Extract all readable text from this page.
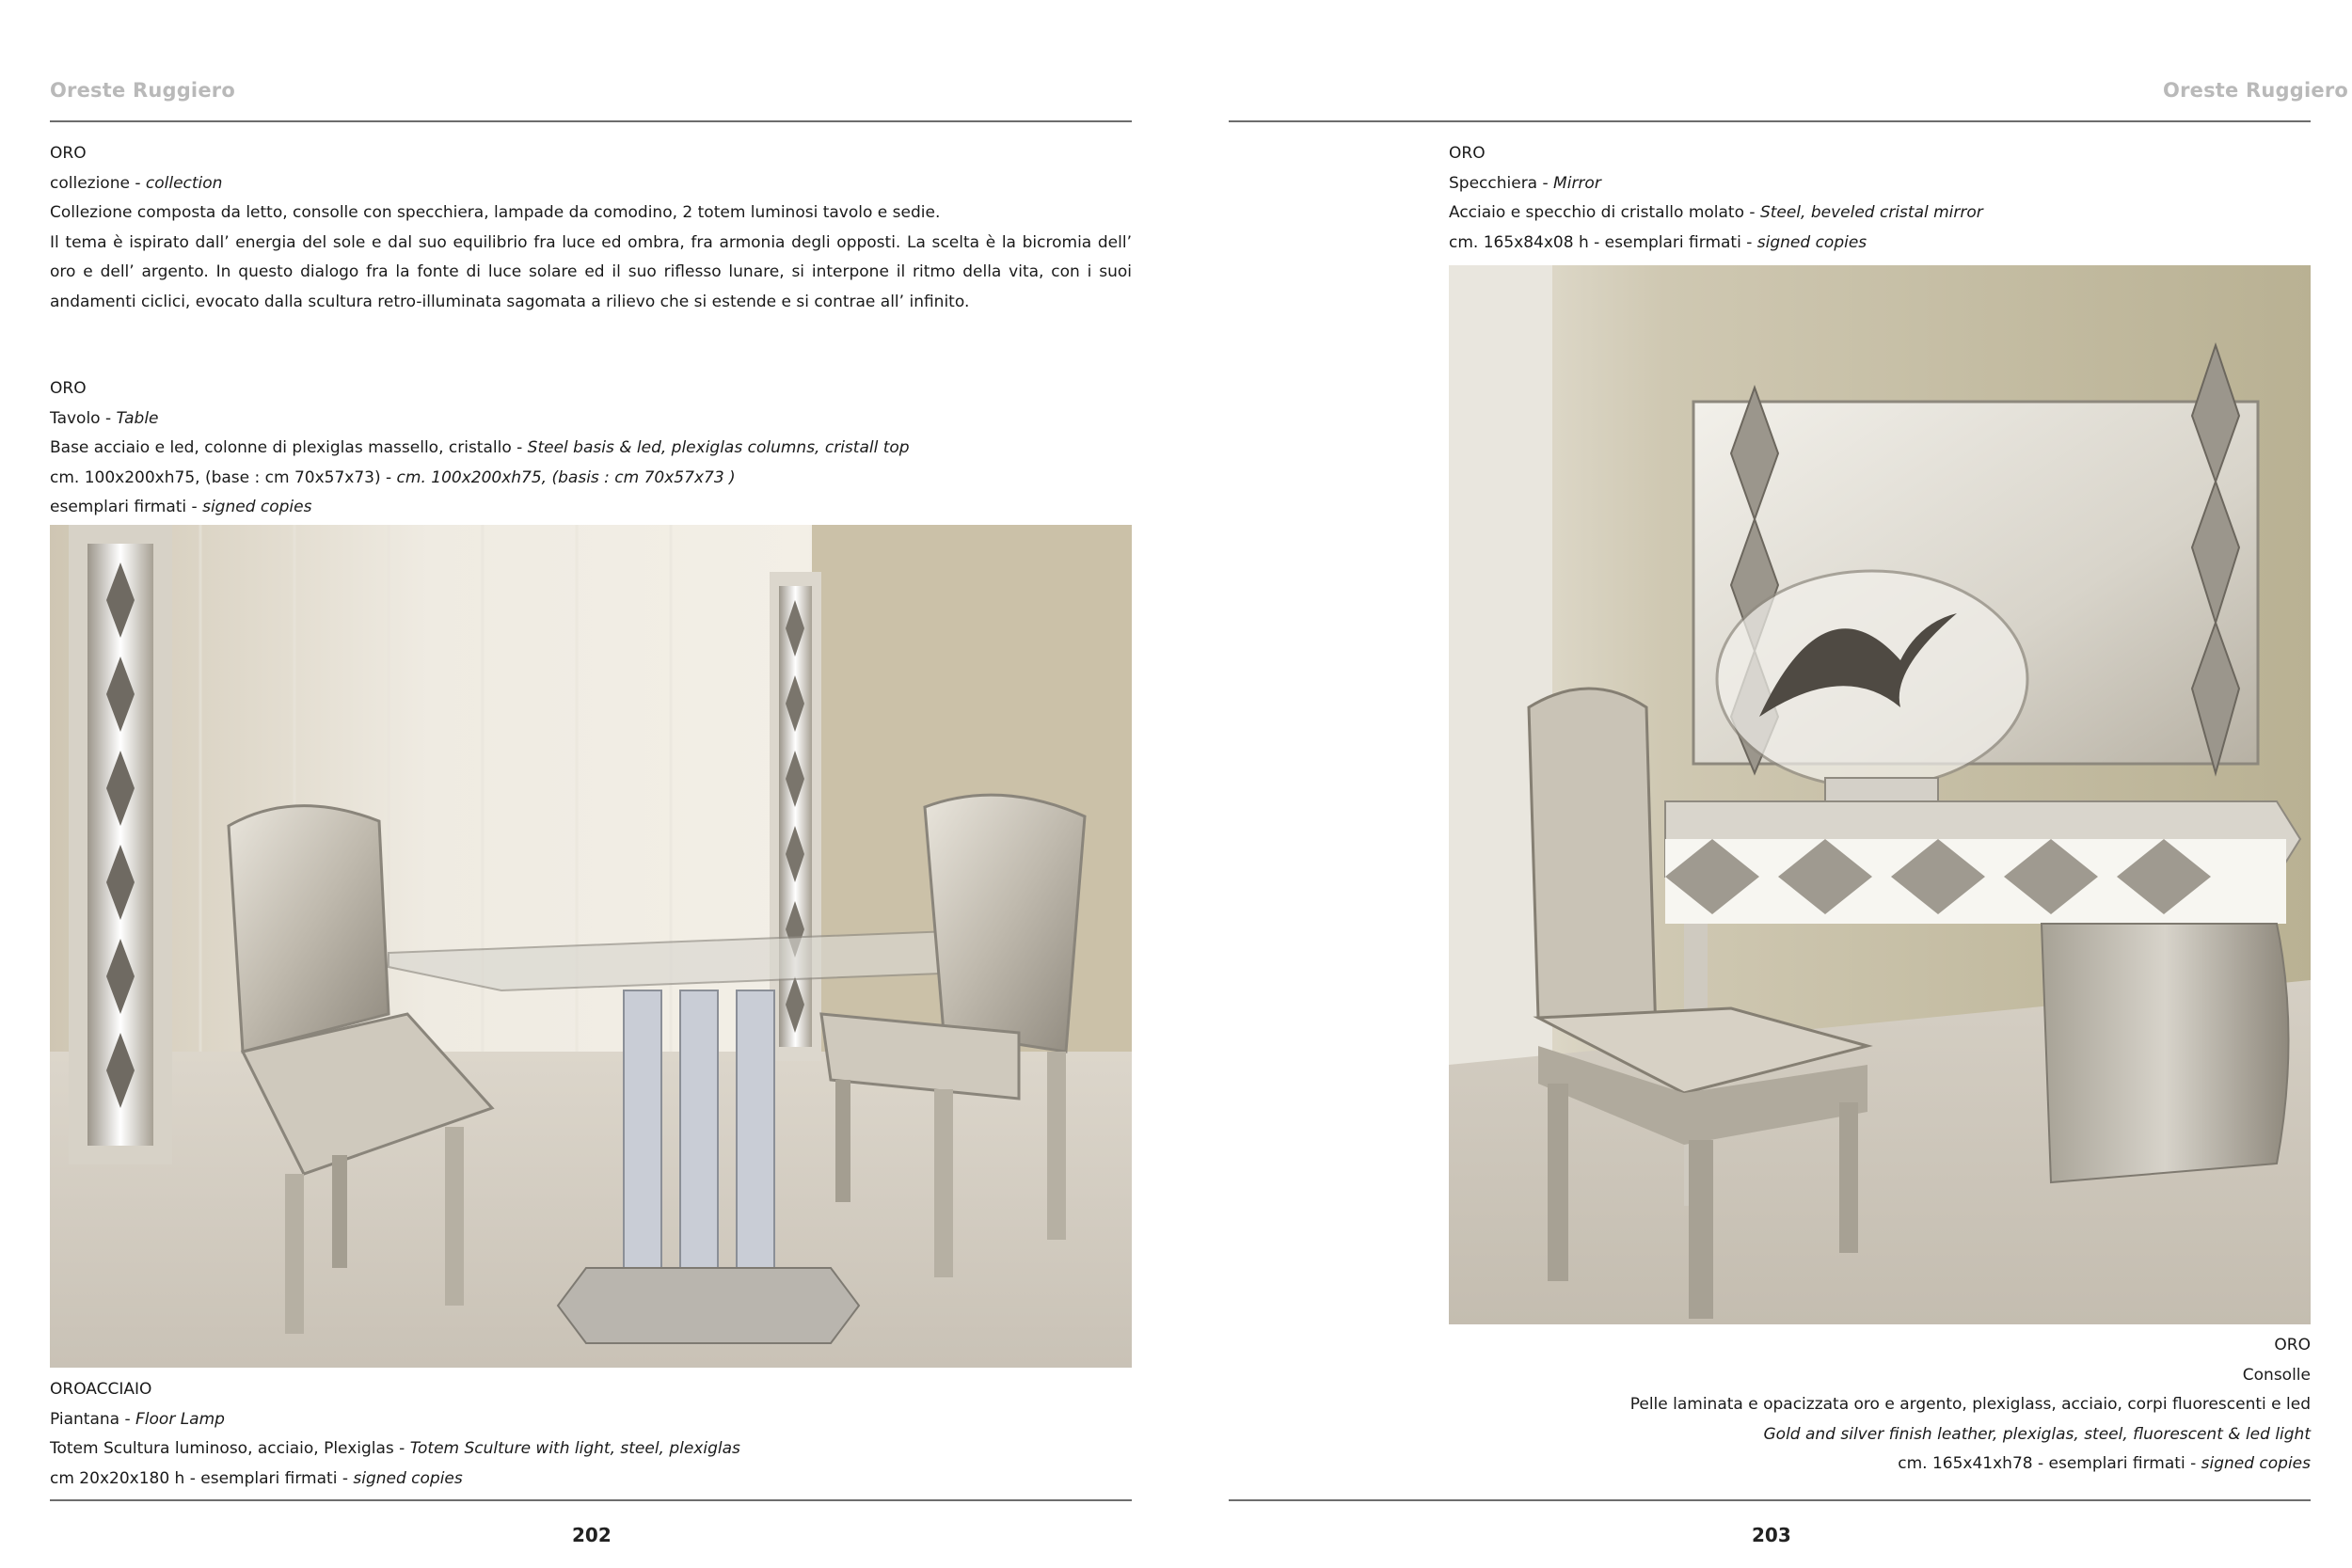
Oreste Ruggiero

ORO

collezione - collection

Collezione composta da letto, consolle con specchiera, lampade da comodino, 2 totem luminosi tavolo e sedie.

Il tema è ispirato dall’ energia del sole e dal suo equilibrio fra luce ed ombra, fra armonia degli opposti. La scelta è la bicromia dell’ oro e dell’ argento. In questo dialogo fra la fonte di luce solare ed il suo riflesso lunare, si interpone il ritmo della vita, con i suoi andamenti ciclici, evocato dalla scultura retro-illuminata sagomata a rilievo che si estende e si contrae all’ infinito.

ORO

Tavolo - Table

Base acciaio e led, colonne di plexiglas massello, cristallo - Steel basis & led, plexiglas columns, cristall top

cm. 100x200xh75, (base : cm 70x57x73) - cm. 100x200xh75, (basis : cm 70x57x73 )

esemplari firmati - signed copies

OROACCIAIO

Piantana - Floor Lamp

Totem Scultura luminoso, acciaio, Plexiglas - Totem Sculture with light, steel, plexiglas

cm 20x20x180 h - esemplari firmati - signed copies

202
Oreste Ruggiero

ORO

Specchiera - Mirror

Acciaio e specchio di cristallo molato - Steel, beveled cristal mirror

cm. 165x84x08 h - esemplari firmati - signed copies

ORO

Consolle

Pelle laminata e opacizzata oro e argento, plexiglass, acciaio, corpi fluorescenti e led

Gold and silver finish leather, plexiglas, steel, fluorescent & led light

cm. 165x41xh78 - esemplari firmati - signed copies

203
